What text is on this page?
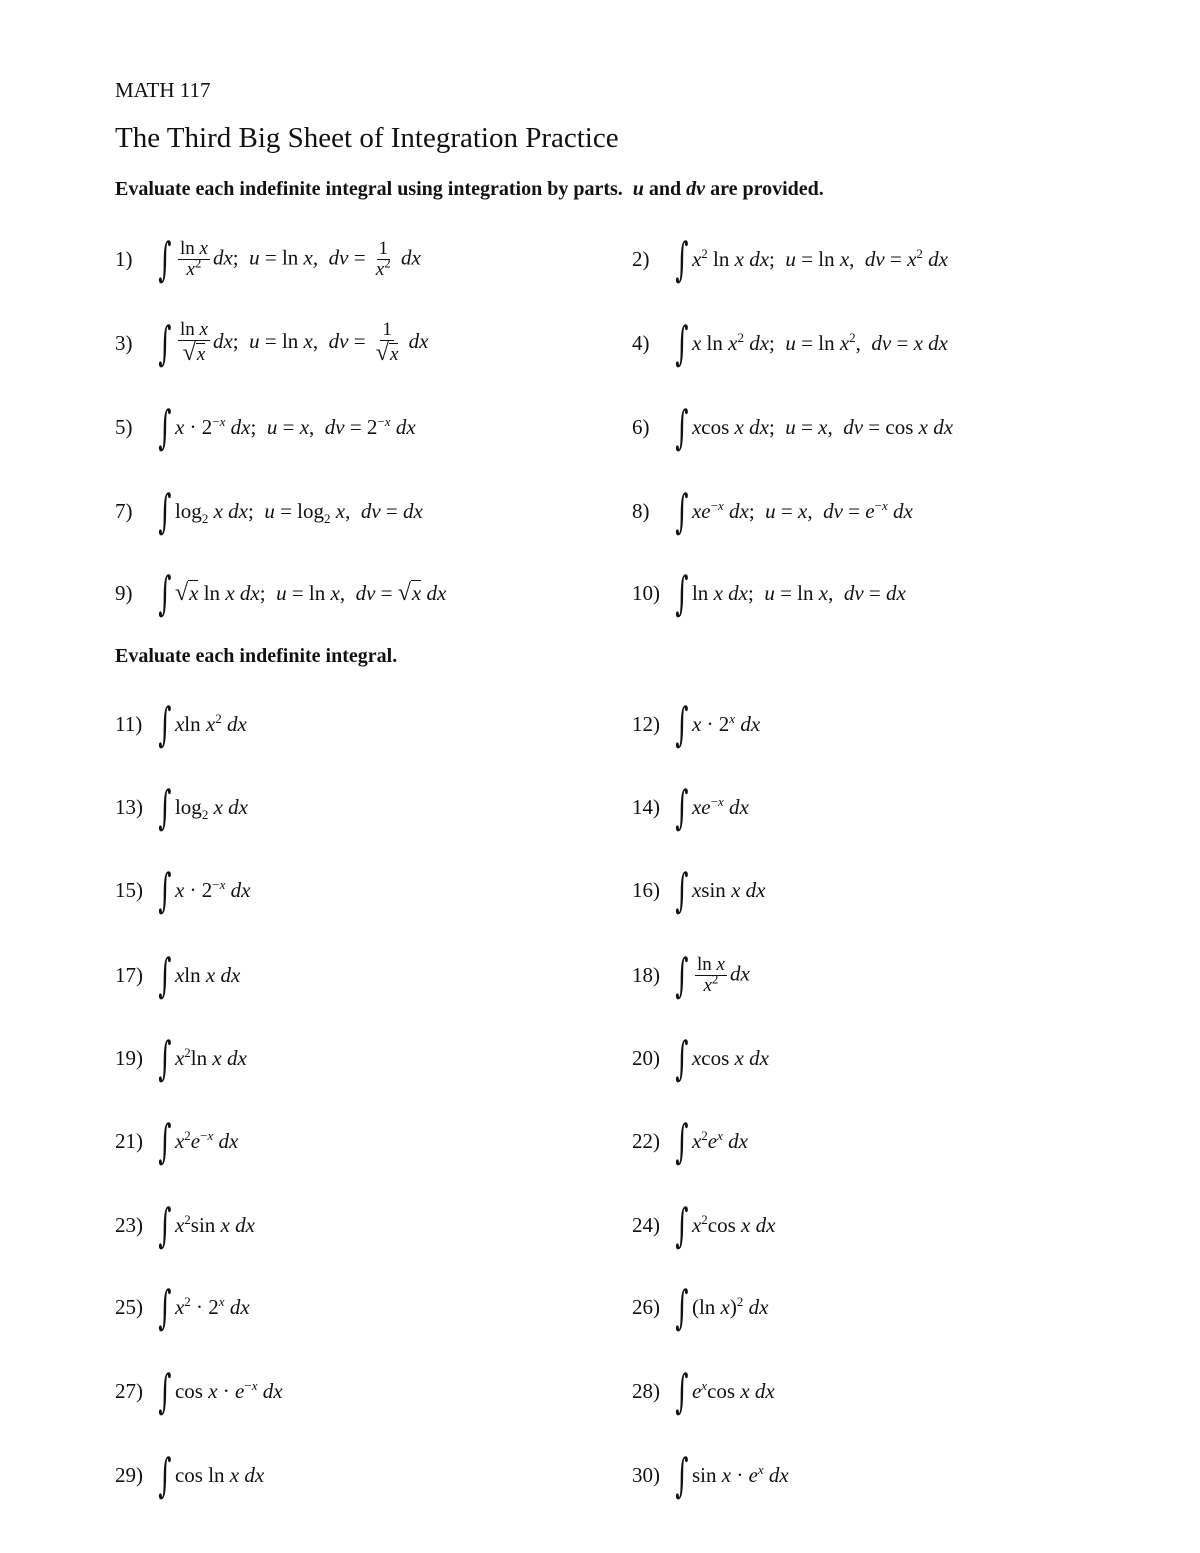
MATH 117
The Third Big Sheet of Integration Practice
Evaluate each indefinite integral using integration by parts. u and dv are provided.
1) ∫ $\frac{\text{ln x}}{x^2}$ dx;  u = ln x,  dv = $\frac{1}{x^2}$ dx	2) ∫ $x^2$ ln x dx;  u = ln x,  dv = $x^2$ dx
3) ∫ $\frac{\text{ln x}}{√x}$ dx;  u = ln x,  dv = $\frac{1}{√x}$ dx	4) ∫ x $\ln x^2$ dx;  $u = \ln x^2$,  dv = x dx
5) ∫ $x \cdot 2^{-x}$ dx;  u = x,  dv = $2^{-x}$ dx	6) ∫ xcos x dx;  u = x,  dv = cos x dx
7) ∫ $\log_2 x$ dx;  $u = \log_2 x$,  dv = dx	8) ∫ $xe^{-x}$ dx;  u = x,  dv = $e^{-x}$ dx
9) ∫ √x ln x dx;  u = ln x,  dv = √x dx	10) ∫ ln x dx;  u = ln x,  dv = dx
Evaluate each indefinite integral.
11) ∫ xln $x^2$ dx	12) ∫ $x \cdot 2^x$ dx
13) ∫ $\log_2 x$ dx	14) ∫ $xe^{-x}$ dx
15) ∫ $x \cdot 2^{-x}$ dx	16) ∫ xsin x dx
17) ∫ xln x dx	18) ∫ $\frac{\text{ln x}}{x^2}$ dx
19) ∫ $x^2\ln$ x dx	20) ∫ xcos x dx
21) ∫ $x^2e^{-x}$ dx	22) ∫ $x^2e^x$ dx
23) ∫ $x^2\sin$ x dx	24) ∫ $x^2\cos$ x dx
25) ∫ $x^2 \cdot 2^x$ dx	26) ∫ (ln x)$^2$ dx
27) ∫ $\cos x \cdot e^{-x}$ dx	28) ∫ $e^x\cos$ x dx
29) ∫ cos ln x dx	30) ∫ $\sin x \cdot e^x$ dx
